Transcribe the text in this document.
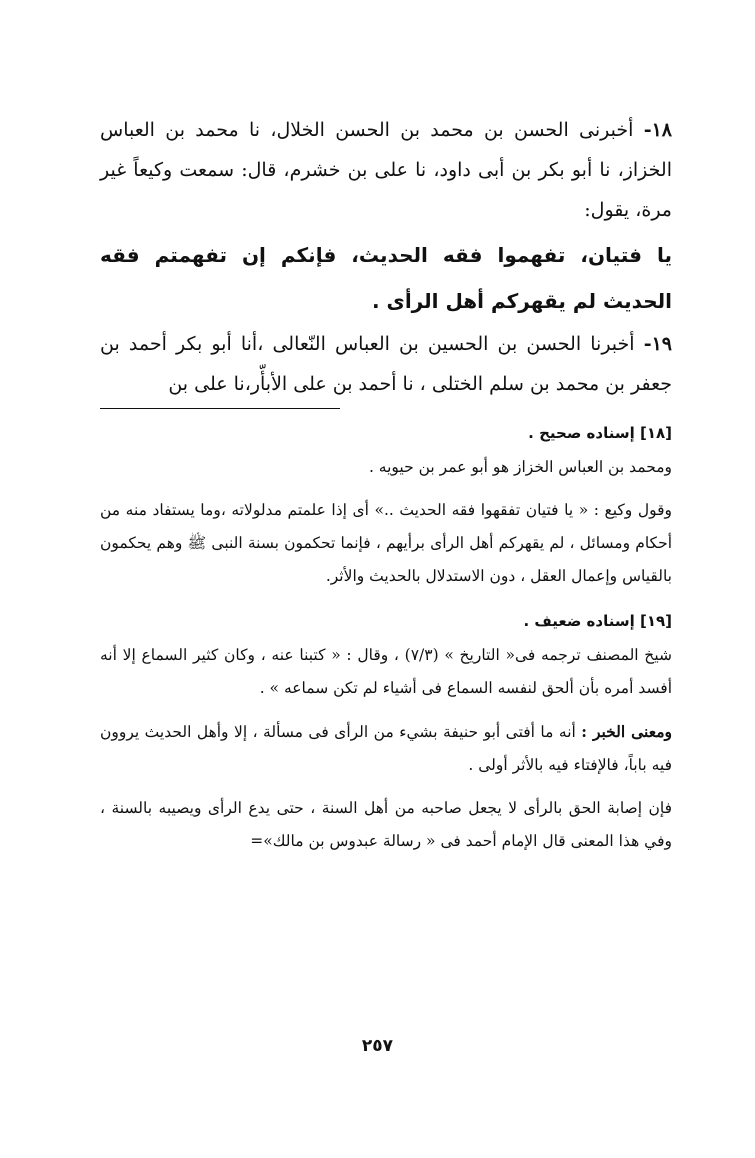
١٨- أخبرنى الحسن بن محمد بن الحسن الخلال، نا محمد بن العباس الخزاز، نا أبو بكر بن أبى داود، نا على بن خشرم، قال: سمعت وكيعاً غير مرة، يقول:

يا فتيان، تفهموا فقه الحديث، فإنكم إن تفهمتم فقه الحديث لم يقهركم أهل الرأى .

١٩- أخبرنا الحسن بن الحسين بن العباس النّعالى ،أنا أبو بكر أحمد بن جعفر بن محمد بن سلم الختلى ، نا أحمد بن على الأبأّر،نا على بن

[١٨] إسناده صحيح .

ومحمد بن العباس الخزاز هو أبو عمر بن حيويه .

وقول وكيع : « يا فتيان تفقهوا فقه الحديث ..» أى إذا علمتم مدلولاته ،وما يستفاد منه من أحكام ومسائل ، لم يقهركم أهل الرأى برأيهم ، فإنما تحكمون بسنة النبى ﷺ وهم يحكمون بالقياس وإعمال العقل ، دون الاستدلال بالحديث والأثر.

[١٩] إسناده ضعيف .

شيخ المصنف ترجمه فى« التاريخ » (٧/٣) ، وقال : « كتبنا عنه ، وكان كثير السماع إلا أنه أفسد أمره بأن ألحق لنفسه السماع فى أشياء لم تكن سماعه » .

ومعنى الخبر : أنه ما أفتى أبو حنيفة بشيء من الرأى فى مسألة ، إلا وأهل الحديث يروون فيه باباً، فالإفتاء فيه بالأثر أولى .

فإن إصابة الحق بالرأى لا يجعل صاحبه من أهل السنة ، حتى يدع الرأى ويصيبه بالسنة ، وفي هذا المعنى قال الإمام أحمد فى « رسالة عبدوس بن مالك»=

٢٥٧
